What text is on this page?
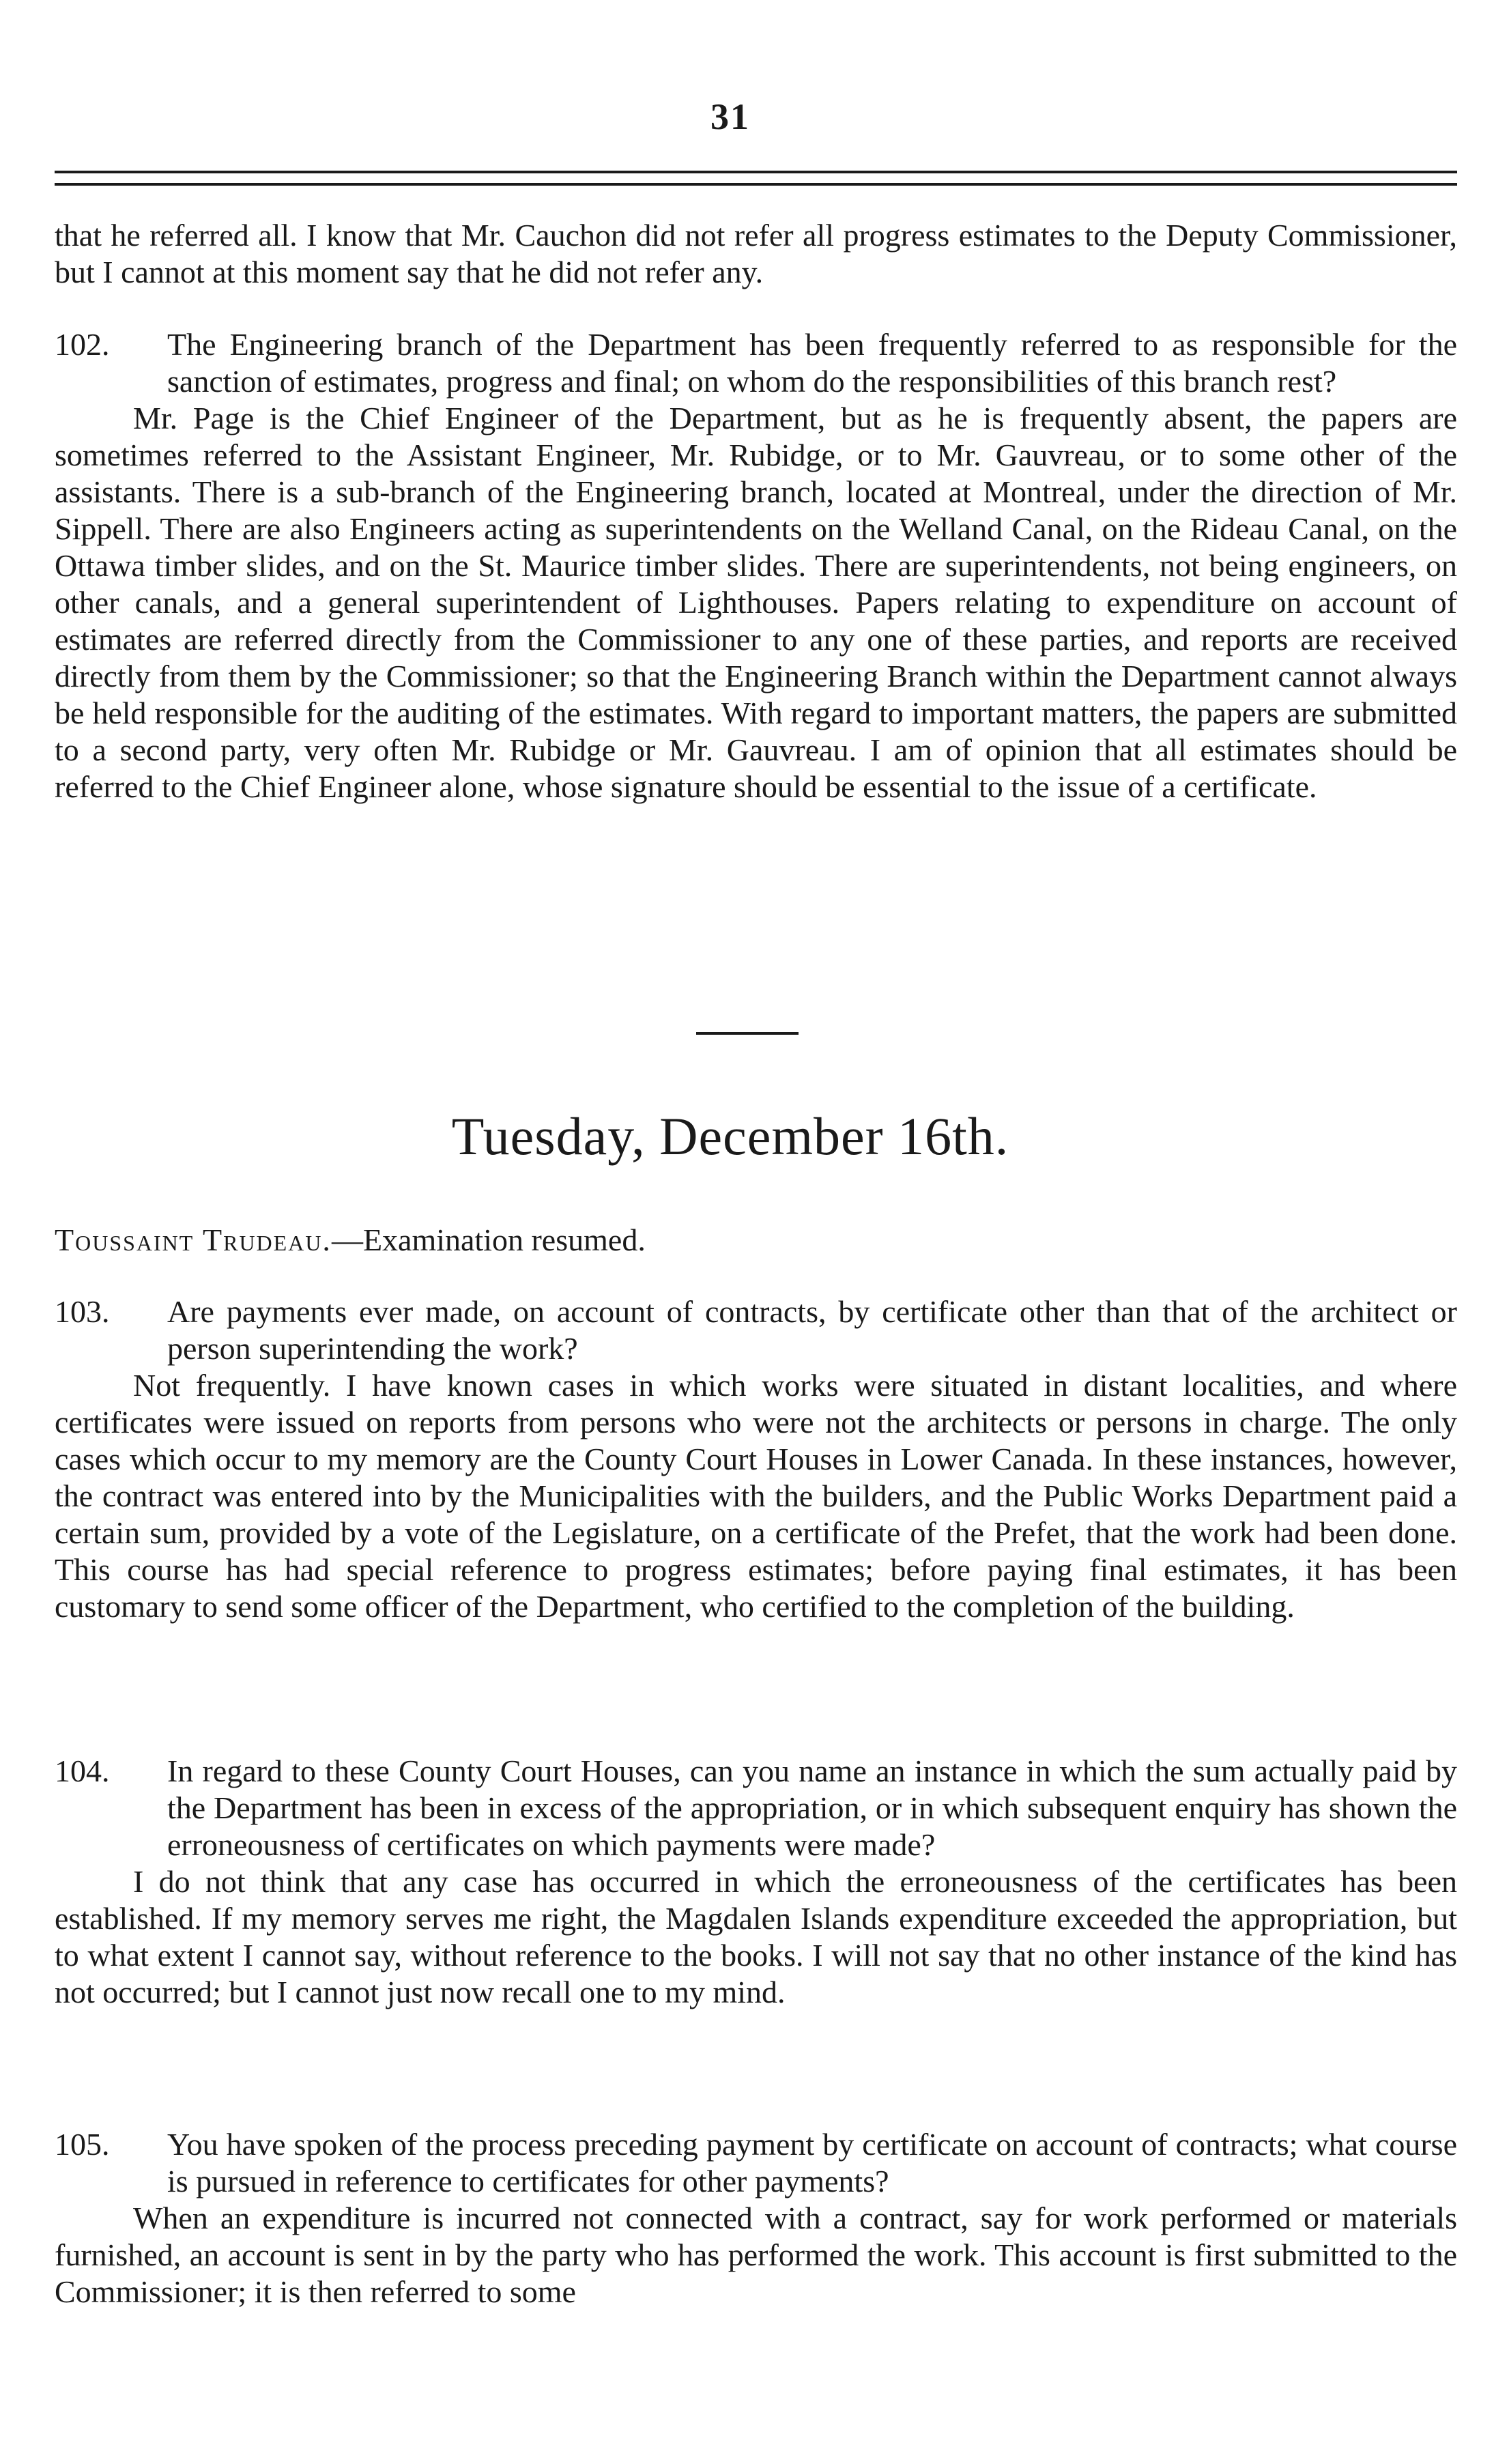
31

that he referred all. I know that Mr. Cauchon did not refer all progress estimates to the Deputy Commissioner, but I cannot at this moment say that he did not refer any.

102. The Engineering branch of the Department has been frequently referred to as responsible for the sanction of estimates, progress and final; on whom do the responsibilities of this branch rest?

Mr. Page is the Chief Engineer of the Department, but as he is frequently absent, the papers are sometimes referred to the Assistant Engineer, Mr. Rubidge, or to Mr. Gauvreau, or to some other of the assistants. There is a sub-branch of the Engineering branch, located at Montreal, under the direction of Mr. Sippell. There are also Engineers acting as superintendents on the Welland Canal, on the Rideau Canal, on the Ottawa timber slides, and on the St. Maurice timber slides. There are superintendents, not being engineers, on other canals, and a general superintendent of Lighthouses. Papers relating to expenditure on account of estimates are referred directly from the Commissioner to any one of these parties, and reports are received directly from them by the Commissioner; so that the Engineering Branch within the Department cannot always be held responsible for the auditing of the estimates. With regard to important matters, the papers are submitted to a second party, very often Mr. Rubidge or Mr. Gauvreau. I am of opinion that all estimates should be referred to the Chief Engineer alone, whose signature should be essential to the issue of a certificate.

Tuesday, December 16th.
Toussaint Trudeau.—Examination resumed.

103. Are payments ever made, on account of contracts, by certificate other than that of the architect or person superintending the work?

Not frequently. I have known cases in which works were situated in distant localities, and where certificates were issued on reports from persons who were not the architects or persons in charge. The only cases which occur to my memory are the County Court Houses in Lower Canada. In these instances, however, the contract was entered into by the Municipalities with the builders, and the Public Works Department paid a certain sum, provided by a vote of the Legislature, on a certificate of the Prefet, that the work had been done. This course has had special reference to progress estimates; before paying final estimates, it has been customary to send some officer of the Department, who certified to the completion of the building.

104. In regard to these County Court Houses, can you name an instance in which the sum actually paid by the Department has been in excess of the appropriation, or in which subsequent enquiry has shown the erroneousness of certificates on which payments were made?

I do not think that any case has occurred in which the erroneousness of the certificates has been established. If my memory serves me right, the Magdalen Islands expenditure exceeded the appropriation, but to what extent I cannot say, without reference to the books. I will not say that no other instance of the kind has not occurred; but I cannot just now recall one to my mind.

105. You have spoken of the process preceding payment by certificate on account of contracts; what course is pursued in reference to certificates for other payments?

When an expenditure is incurred not connected with a contract, say for work performed or materials furnished, an account is sent in by the party who has performed the work. This account is first submitted to the Commissioner; it is then referred to some
